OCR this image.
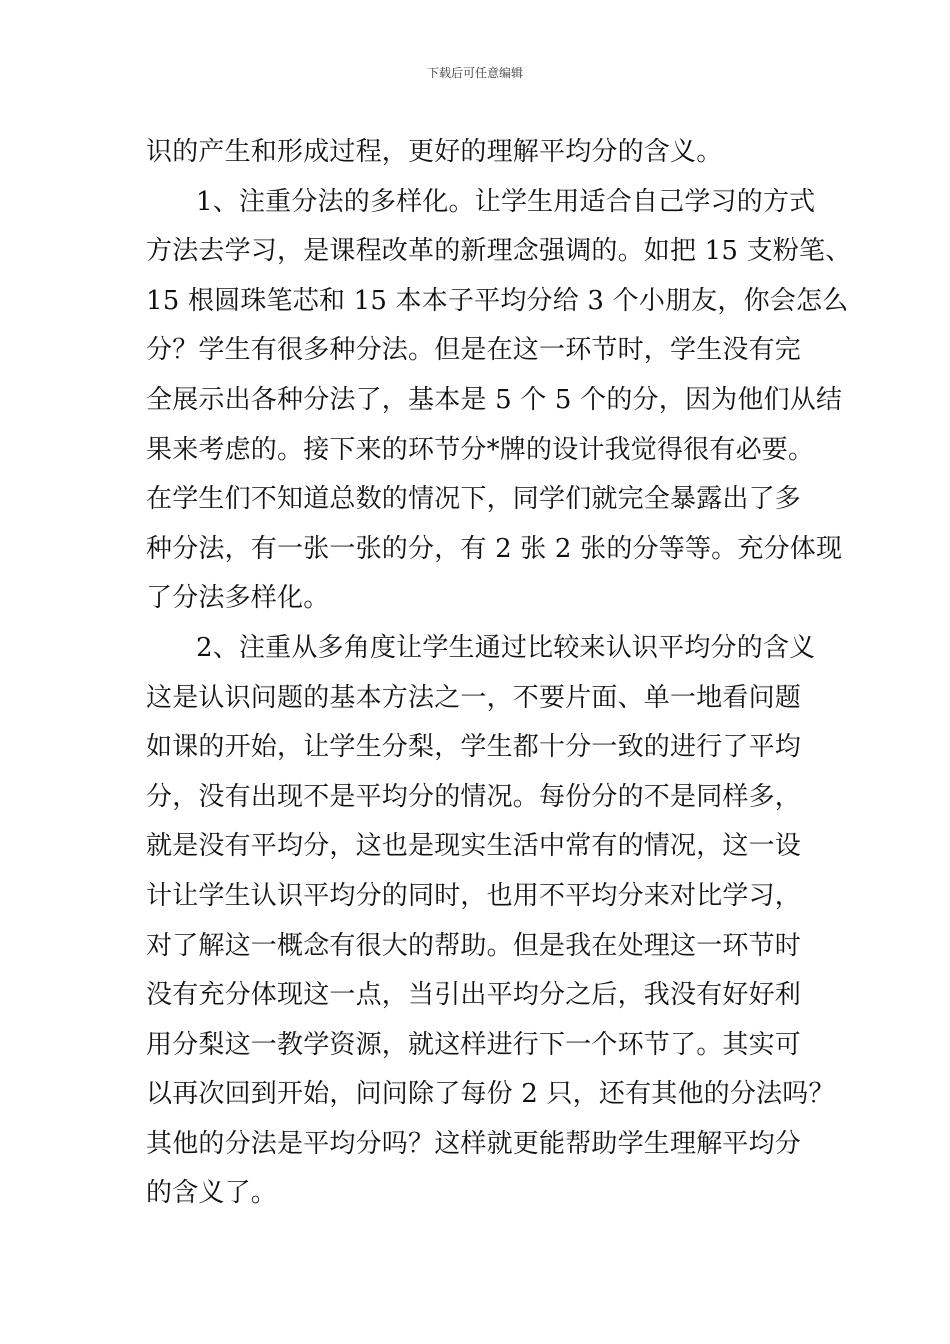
下载后可任意编辑
识的产生和形成过程，更好的理解平均分的含义。
1、注重分法的多样化。让学生用适合自己学习的方式
方法去学习，是课程改革的新理念强调的。如把 15 支粉笔、
15 根圆珠笔芯和 15 本本子平均分给 3 个小朋友，你会怎么
分？学生有很多种分法。但是在这一环节时，学生没有完
全展示出各种分法了，基本是 5 个 5 个的分，因为他们从结
果来考虑的。接下来的环节分*牌的设计我觉得很有必要。
在学生们不知道总数的情况下，同学们就完全暴露出了多
种分法，有一张一张的分，有 2 张 2 张的分等等。充分体现
了分法多样化。
2、注重从多角度让学生通过比较来认识平均分的含义
这是认识问题的基本方法之一，不要片面、单一地看问题
如课的开始，让学生分梨，学生都十分一致的进行了平均
分，没有出现不是平均分的情况。每份分的不是同样多，
就是没有平均分，这也是现实生活中常有的情况，这一设
计让学生认识平均分的同时，也用不平均分来对比学习，
对了解这一概念有很大的帮助。但是我在处理这一环节时
没有充分体现这一点，当引出平均分之后，我没有好好利
用分梨这一教学资源，就这样进行下一个环节了。其实可
以再次回到开始，问问除了每份 2 只，还有其他的分法吗？
其他的分法是平均分吗？这样就更能帮助学生理解平均分
的含义了。
